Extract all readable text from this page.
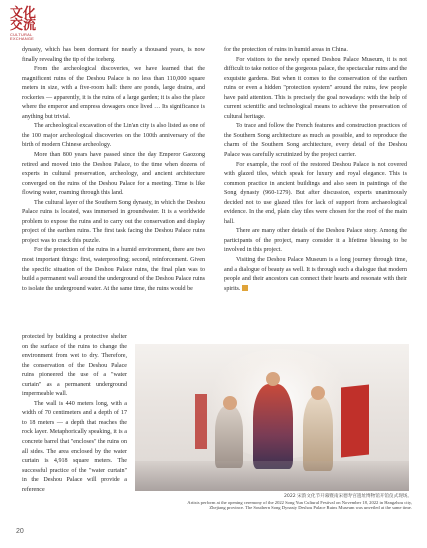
文化
交流
CULTURAL EXCHANGE

dynasty, which has been dormant for nearly a thousand years, is now finally revealing the tip of the iceberg.

From the archeological discoveries, we have learned that the magnificent ruins of the Deshou Palace is no less than 110,000 square meters in size, with a five-room hall: there are ponds, large drains, and rockeries — apparently, it is the ruins of a large garden; it is also the place where the emperor and empress dowagers once lived … Its significance is anything but trivial.

The archeological excavation of the Lin'an city is also listed as one of the 100 major archeological discoveries on the 100th anniversary of the birth of modern Chinese archeology.

More than 800 years have passed since the day Emperor Gaozong retired and moved into the Deshou Palace, to the time when dozens of experts in cultural preservation, archeology, and ancient architecture converged on the ruins of the Deshou Palace for a meeting. Time is like flowing water, roaming through this land.

The cultural layer of the Southern Song dynasty, in which the Deshou Palace ruins is located, was immersed in groundwater. It is a worldwide problem to expose the ruins and to carry out the conservation and display project of the earthen ruins. The first task facing the Deshou Palace ruins project was to crack this puzzle.

For the protection of the ruins in a humid environment, there are two most important things: first, waterproofing; second, reinforcement. Given the specific situation of the Deshou Palace ruins, the final plan was to build a permanent wall around the underground of the Deshou Palace ruins to isolate the underground water. At the same time, the ruins would be

protected by building a protective shelter on the surface of the ruins to change the environment from wet to dry. Therefore, the conservation of the Deshou Palace ruins pioneered the use of a "water curtain" as a permanent underground impermeable wall.

The wall is 440 meters long, with a width of 70 centimeters and a depth of 17 to 18 meters — a depth that reaches the rock layer. Metaphorically speaking, it is a concrete barrel that "encloses" the ruins on all sides. The area enclosed by the water curtain is 4,918 square meters. The successful practice of the "water curtain" in the Deshou Palace will provide a reference

for the protection of ruins in humid areas in China.

For visitors to the newly opened Deshou Palace Museum, it is not difficult to take notice of the gorgeous palace, the spectacular ruins and the exquisite gardens. But when it comes to the conservation of the earthen ruins or even a hidden "protection system" around the ruins, few people have paid attention. This is precisely the goal nowadays: with the help of current scientific and technological means to achieve the preservation of cultural heritage.

To trace and follow the French features and construction practices of the Southern Song architecture as much as possible, and to reproduce the charm of the Southern Song architecture, every detail of the Deshou Palace was carefully scrutinized by the project carrier.

For example, the roof of the restored Deshou Palace is not covered with glazed tiles, which speak for luxury and royal elegance. This is common practice in ancient buildings and also seen in paintings of the Song dynasty (960-1279). But after discussion, experts unanimously decided not to use glazed tiles for lack of support from archaeological evidence. In the end, plain clay tiles were chosen for the roof of the main hall.

There are many other details of the Deshou Palace story. Among the participants of the project, many consider it a lifetime blessing to be involved in this project.

Visiting the Deshou Palace Museum is a long journey through time, and a dialogue of beauty as well. It is through such a dialogue that modern people and their ancestors can connect their hearts and resonate with their spirits.

2022 宋韵文化节开幕暨南宋德寿宫遗址博物馆开馆仪式现场。
Artists perform at the opening ceremony of the 2022 Song Yun Cultural Festival on November 18, 2022 in Hangzhou city, Zhejiang province. The Southern Song Dynasty Deshou Palace Ruins Museum was unveiled at the same time.
20
